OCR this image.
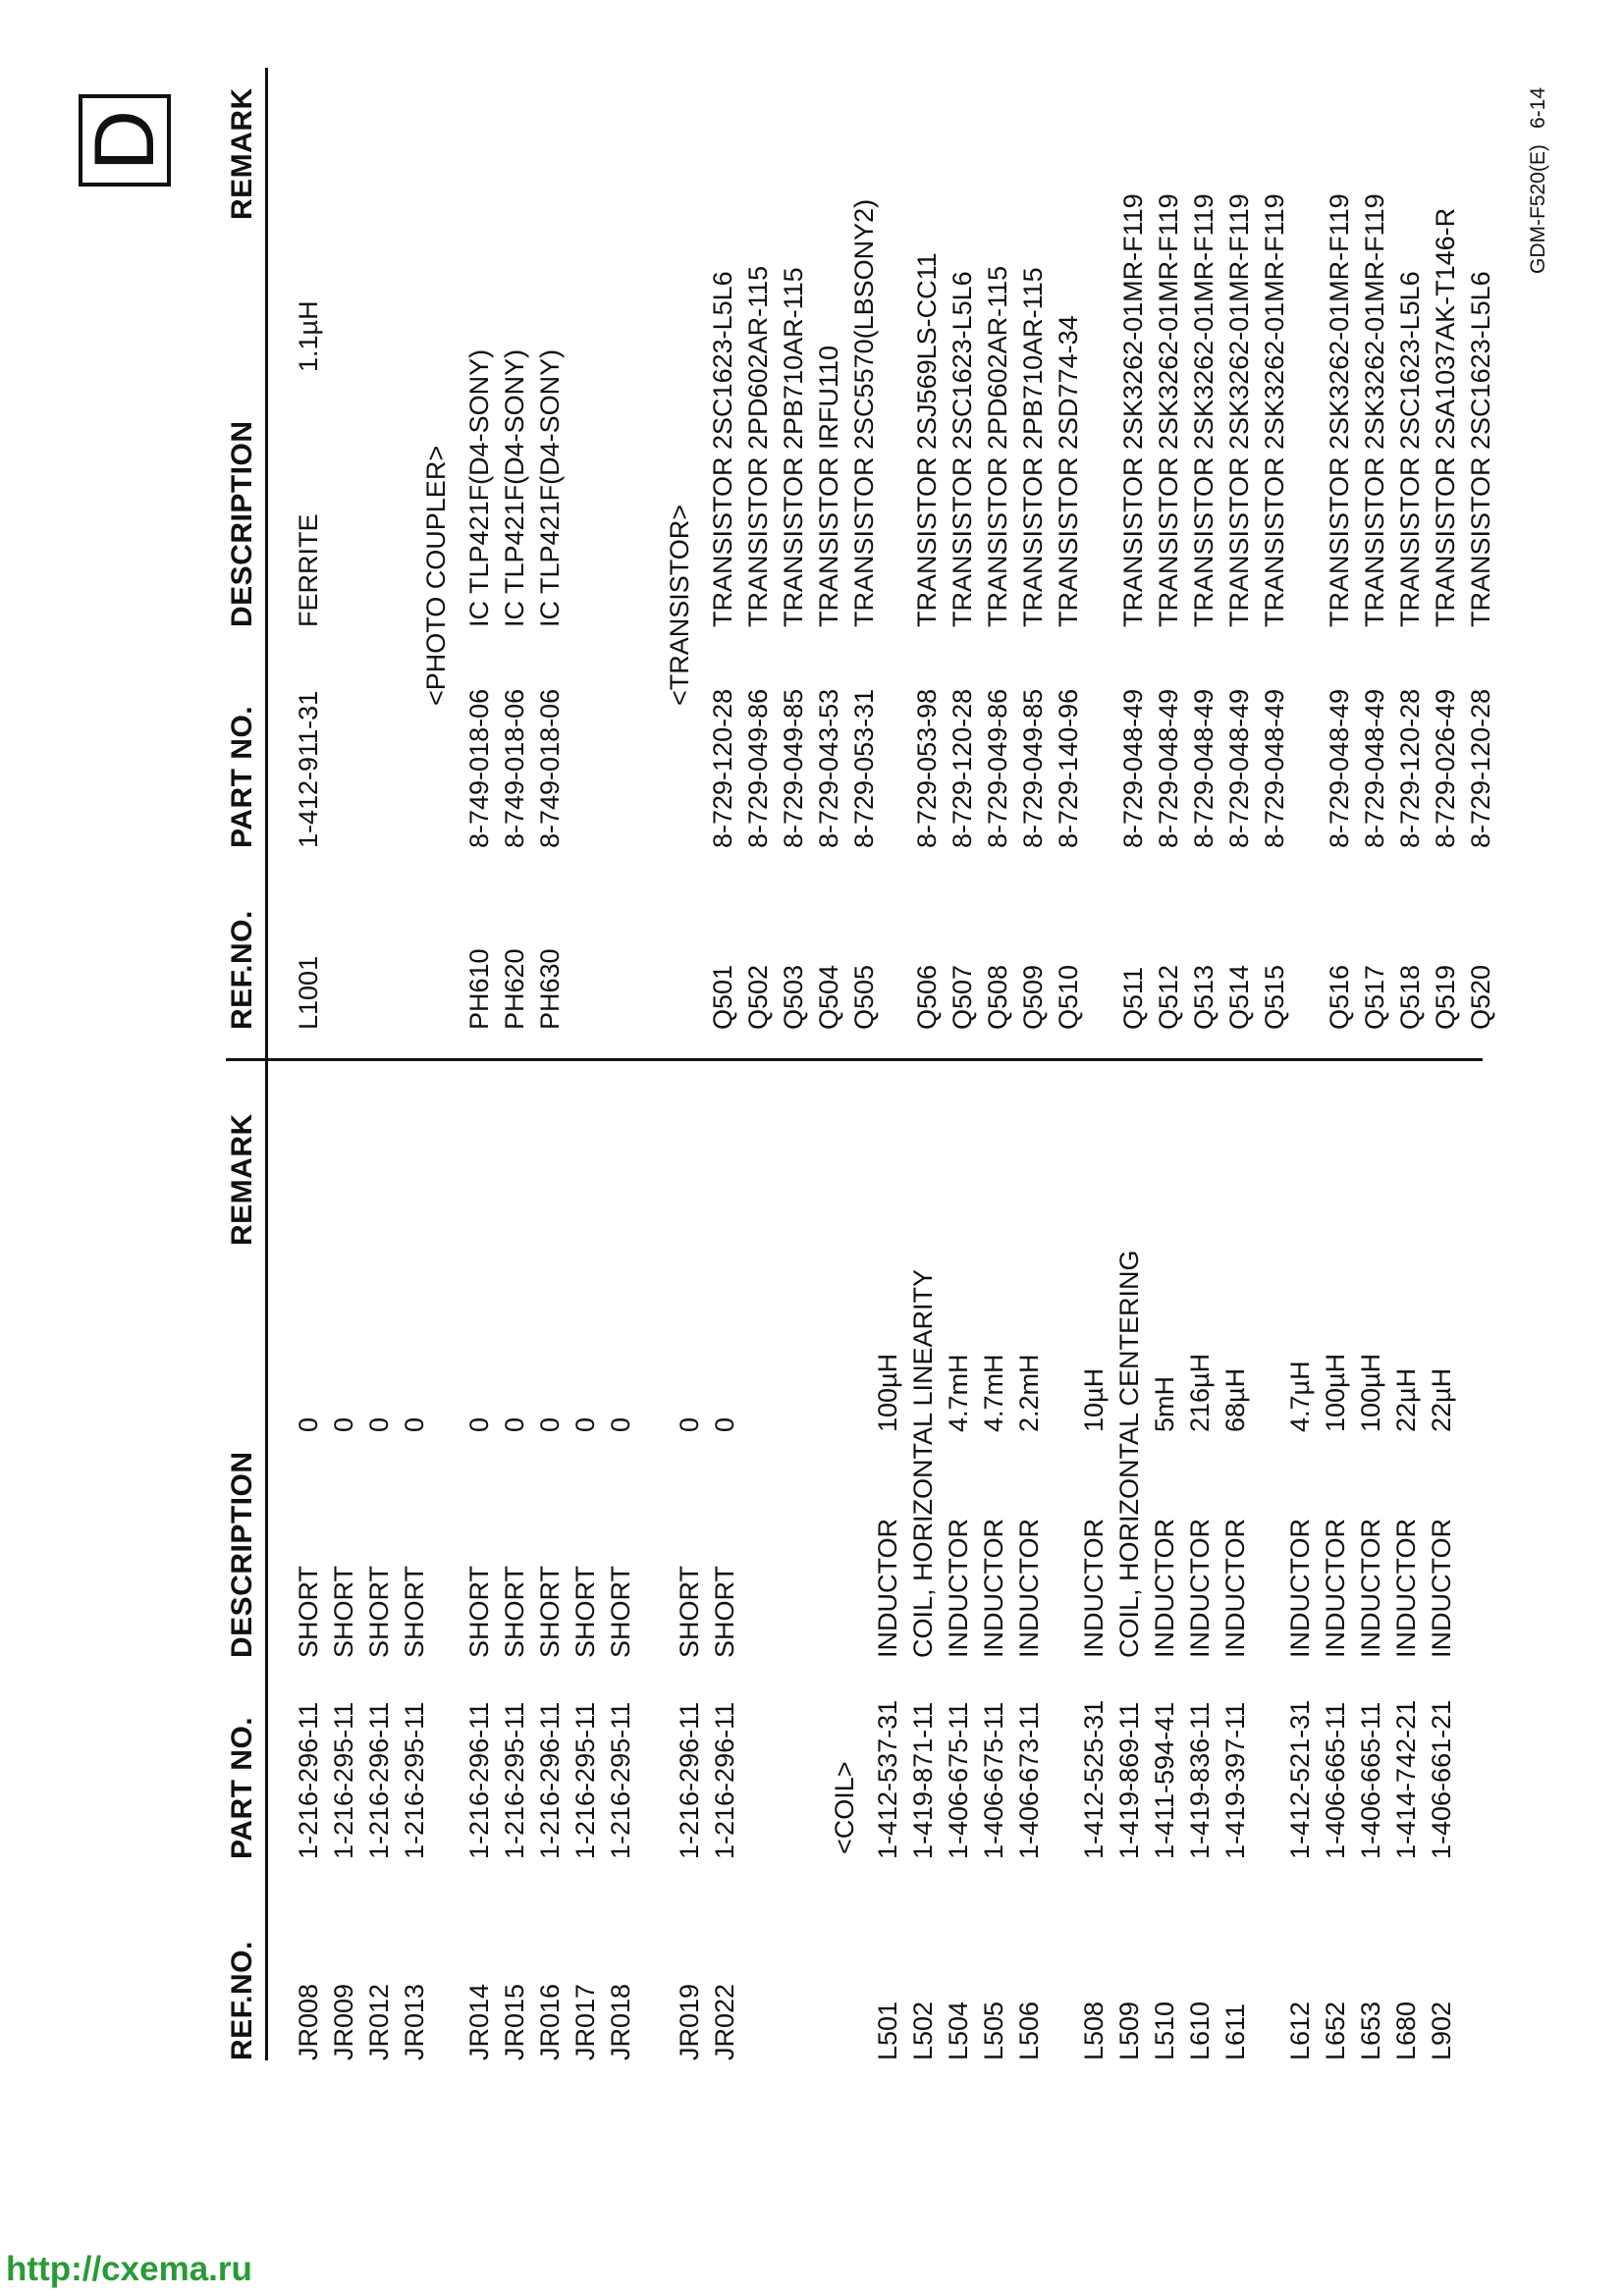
REF.NO.
PART NO.
DESCRIPTION
REMARK
REF.NO.
PART NO.
DESCRIPTION
REMARK
JR008
1-216-296-11
SHORT
0
JR009
1-216-295-11
SHORT
0
JR012
1-216-296-11
SHORT
0
JR013
1-216-295-11
SHORT
0
JR014
1-216-296-11
SHORT
0
JR015
1-216-295-11
SHORT
0
JR016
1-216-296-11
SHORT
0
JR017
1-216-295-11
SHORT
0
JR018
1-216-295-11
SHORT
0
JR019
1-216-296-11
SHORT
0
JR022
1-216-296-11
SHORT
0
<COIL>
L501
1-412-537-31
INDUCTOR
100µH
L502
1-419-871-11
COIL, HORIZONTAL LINEARITY
L504
1-406-675-11
INDUCTOR
4.7mH
L505
1-406-675-11
INDUCTOR
4.7mH
L506
1-406-673-11
INDUCTOR
2.2mH
L508
1-412-525-31
INDUCTOR
10µH
L509
1-419-869-11
COIL, HORIZONTAL CENTERING
L510
1-411-594-41
INDUCTOR
5mH
L610
1-419-836-11
INDUCTOR
216µH
L611
1-419-397-11
INDUCTOR
68µH
L612
1-412-521-31
INDUCTOR
4.7µH
L652
1-406-665-11
INDUCTOR
100µH
L653
1-406-665-11
INDUCTOR
100µH
L680
1-414-742-21
INDUCTOR
22µH
L902
1-406-661-21
INDUCTOR
22µH
L1001
1-412-911-31
FERRITE
1.1µH
<PHOTO COUPLER>
PH610
8-749-018-06
IC TLP421F(D4-SONY)
PH620
8-749-018-06
IC TLP421F(D4-SONY)
PH630
8-749-018-06
IC TLP421F(D4-SONY)	<TRANSISTOR>
Q501
8-729-120-28
TRANSISTOR 2SC1623-L5L6
Q502
8-729-049-86
TRANSISTOR 2PD602AR-115
Q503
8-729-049-85
TRANSISTOR 2PB710AR-115
Q504
8-729-043-53
TRANSISTOR IRFU110
Q505
8-729-053-31
TRANSISTOR 2SC5570(LBSONY2)
Q506
8-729-053-98
TRANSISTOR 2SJ569LS-CC11
Q507
8-729-120-28
TRANSISTOR 2SC1623-L5L6
Q508
8-729-049-86
TRANSISTOR 2PD602AR-115
Q509
8-729-049-85
TRANSISTOR 2PB710AR-115
Q510
8-729-140-96
TRANSISTOR 2SD774-34
Q511
8-729-048-49
TRANSISTOR 2SK3262-01MR-F119
Q512
8-729-048-49
TRANSISTOR 2SK3262-01MR-F119
Q513
8-729-048-49
TRANSISTOR 2SK3262-01MR-F119
Q514
8-729-048-49
TRANSISTOR 2SK3262-01MR-F119
Q515
8-729-048-49
TRANSISTOR 2SK3262-01MR-F119
Q516
8-729-048-49
TRANSISTOR 2SK3262-01MR-F119
Q517
8-729-048-49
TRANSISTOR 2SK3262-01MR-F119
Q518
8-729-120-28
TRANSISTOR 2SC1623-L5L6
Q519
8-729-026-49
TRANSISTOR 2SA1037AK-T146-R
Q520
8-729-120-28
TRANSISTOR 2SC1623-L5L6
D
GDM-F520(E)
6-14
http://cxema.ru
